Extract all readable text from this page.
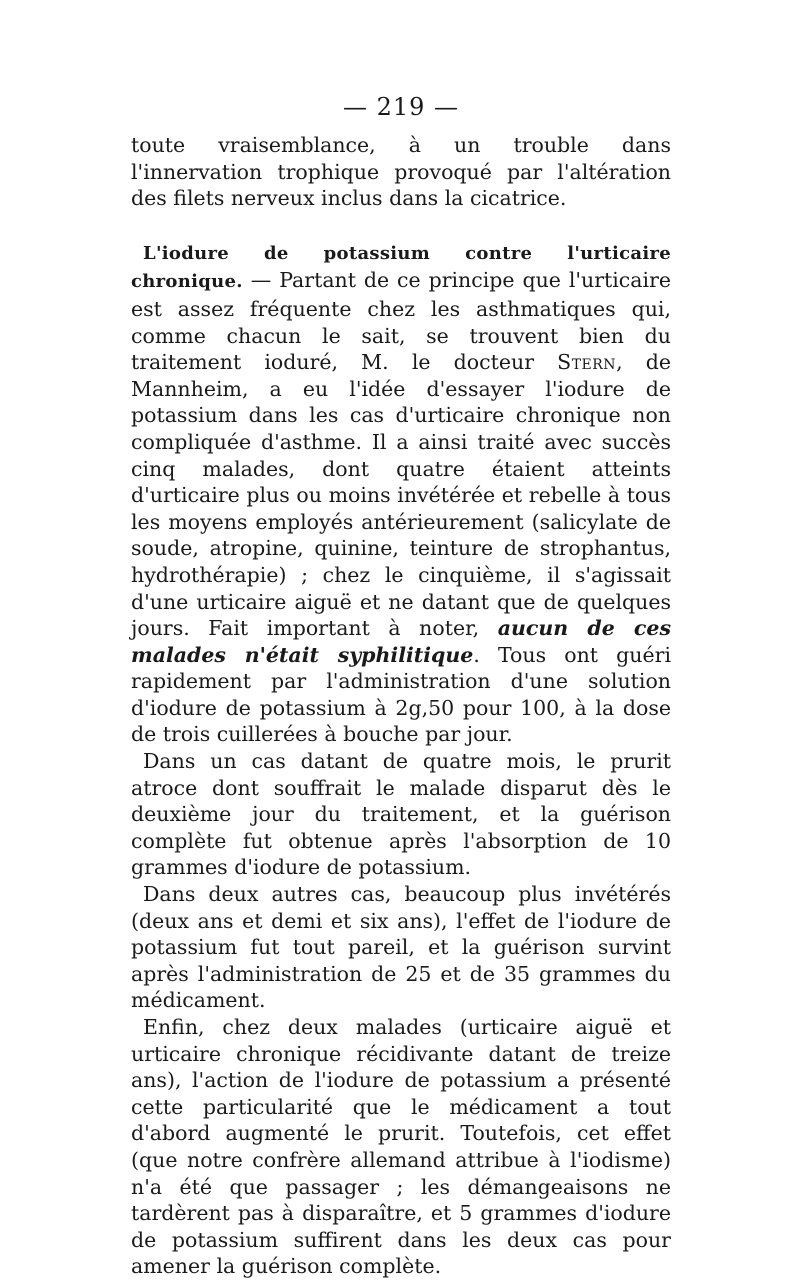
— 219 —

toute vraisemblance, à un trouble dans l'innervation trophique provoqué par l'altération des filets nerveux inclus dans la cicatrice.

L'iodure de potassium contre l'urticaire chronique. — Partant de ce principe que l'urticaire est assez fréquente chez les asthmatiques qui, comme chacun le sait, se trouvent bien du traitement ioduré, M. le docteur Stern, de Mannheim, a eu l'idée d'essayer l'iodure de potassium dans les cas d'urticaire chronique non compliquée d'asthme. Il a ainsi traité avec succès cinq malades, dont quatre étaient atteints d'urticaire plus ou moins invétérée et rebelle à tous les moyens employés antérieurement (salicylate de soude, atropine, quinine, teinture de strophantus, hydrothérapie) ; chez le cinquième, il s'agissait d'une urticaire aiguë et ne datant que de quelques jours. Fait important à noter, aucun de ces malades n'était syphilitique. Tous ont guéri rapidement par l'administration d'une solution d'iodure de potassium à 2g,50 pour 100, à la dose de trois cuillerées à bouche par jour.

Dans un cas datant de quatre mois, le prurit atroce dont souffrait le malade disparut dès le deuxième jour du traitement, et la guérison complète fut obtenue après l'absorption de 10 grammes d'iodure de potassium.

Dans deux autres cas, beaucoup plus invétérés (deux ans et demi et six ans), l'effet de l'iodure de potassium fut tout pareil, et la guérison survint après l'administration de 25 et de 35 grammes du médicament.

Enfin, chez deux malades (urticaire aiguë et urticaire chronique récidivante datant de treize ans), l'action de l'iodure de potassium a présenté cette particularité que le médicament a tout d'abord augmenté le prurit. Toutefois, cet effet (que notre confrère allemand attribue à l'iodisme) n'a été que passager ; les démangeaisons ne tardèrent pas à disparaître, et 5 grammes d'iodure de potassium suffirent dans les deux cas pour amener la guérison complète.
